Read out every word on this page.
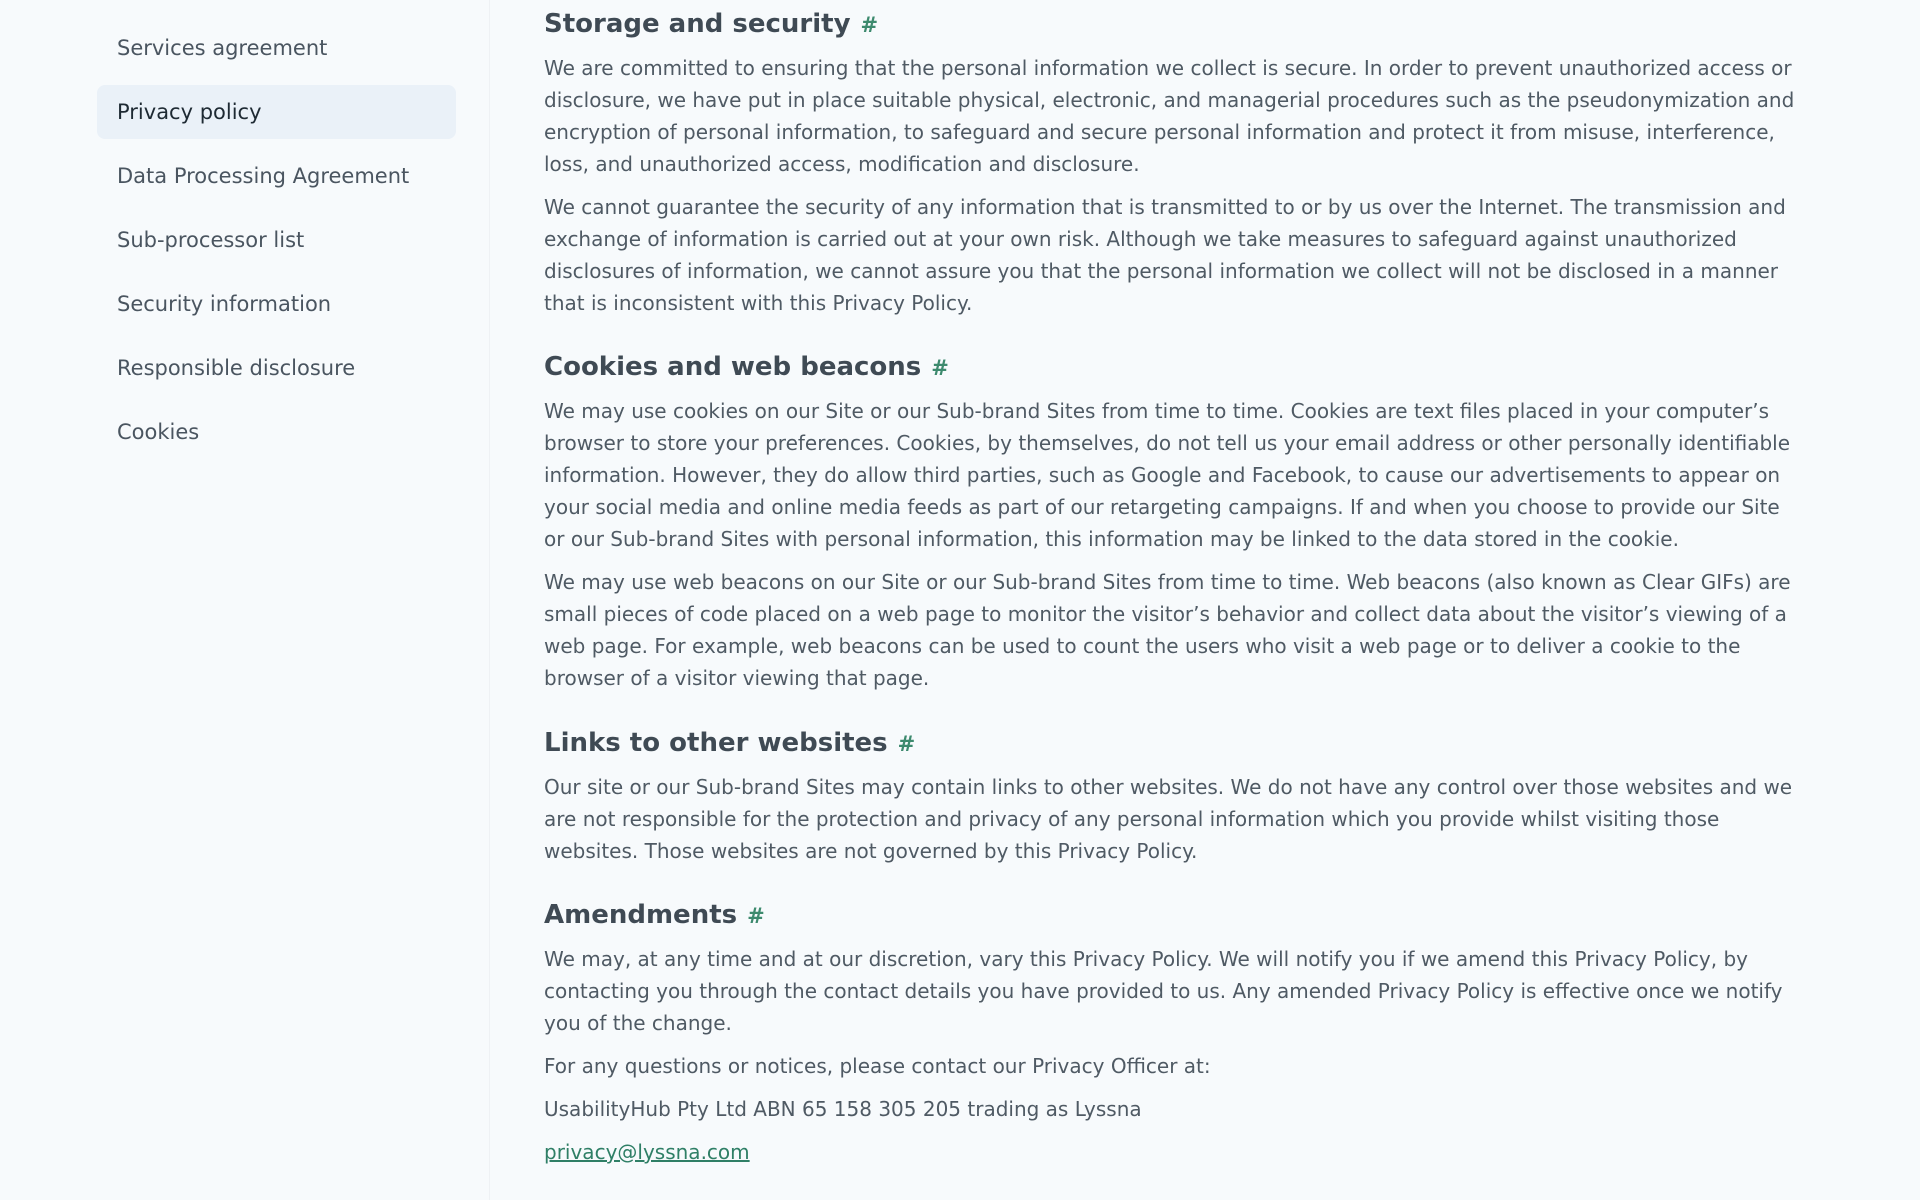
Services agreement
Privacy policy
Data Processing Agreement
Sub-processor list
Security information
Responsible disclosure
Cookies
Storage and security #

We are committed to ensuring that the personal information we collect is secure. In order to prevent unauthorized access or disclosure, we have put in place suitable physical, electronic, and managerial procedures such as the pseudonymization and encryption of personal information, to safeguard and secure personal information and protect it from misuse, interference, loss, and unauthorized access, modification and disclosure.

We cannot guarantee the security of any information that is transmitted to or by us over the Internet. The transmission and exchange of information is carried out at your own risk. Although we take measures to safeguard against unauthorized disclosures of information, we cannot assure you that the personal information we collect will not be disclosed in a manner that is inconsistent with this Privacy Policy.

Cookies and web beacons #

We may use cookies on our Site or our Sub-brand Sites from time to time. Cookies are text files placed in your computer’s browser to store your preferences. Cookies, by themselves, do not tell us your email address or other personally identifiable information. However, they do allow third parties, such as Google and Facebook, to cause our advertisements to appear on your social media and online media feeds as part of our retargeting campaigns. If and when you choose to provide our Site or our Sub-brand Sites with personal information, this information may be linked to the data stored in the cookie.

We may use web beacons on our Site or our Sub-brand Sites from time to time. Web beacons (also known as Clear GIFs) are small pieces of code placed on a web page to monitor the visitor’s behavior and collect data about the visitor’s viewing of a web page. For example, web beacons can be used to count the users who visit a web page or to deliver a cookie to the browser of a visitor viewing that page.

Links to other websites #

Our site or our Sub-brand Sites may contain links to other websites. We do not have any control over those websites and we are not responsible for the protection and privacy of any personal information which you provide whilst visiting those websites. Those websites are not governed by this Privacy Policy.

Amendments #

We may, at any time and at our discretion, vary this Privacy Policy. We will notify you if we amend this Privacy Policy, by contacting you through the contact details you have provided to us. Any amended Privacy Policy is effective once we notify you of the change.

For any questions or notices, please contact our Privacy Officer at:

UsabilityHub Pty Ltd ABN 65 158 305 205 trading as Lyssna

privacy@lyssna.com
